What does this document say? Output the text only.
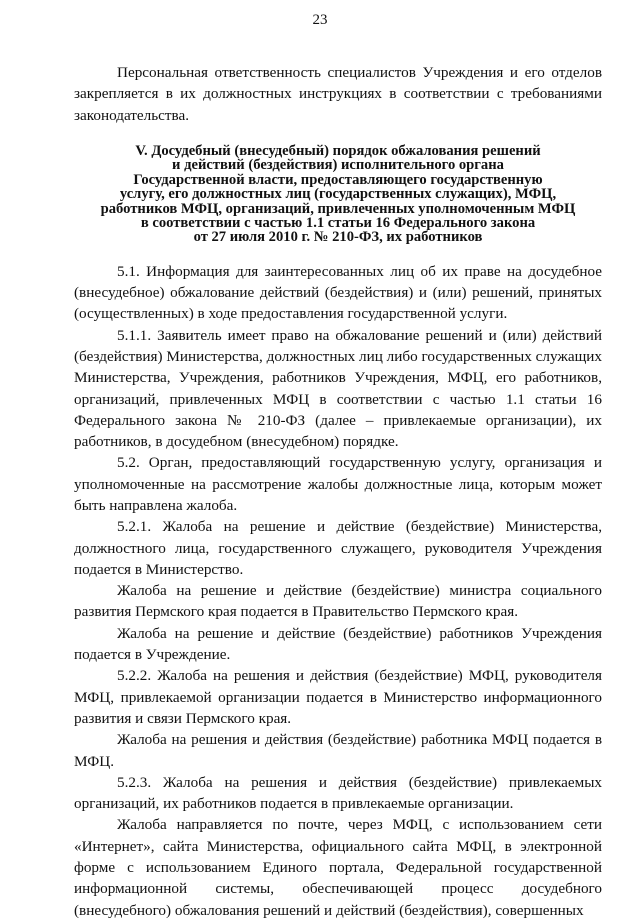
23

Персональная ответственность специалистов Учреждения и его отделов закрепляется в их должностных инструкциях в соответствии с требованиями законодательства.

V. Досудебный (внесудебный) порядок обжалования решений
и действий (бездействия) исполнительного органа
Государственной власти, предоставляющего государственную
услугу, его должностных лиц (государственных служащих), МФЦ,
работников МФЦ, организаций, привлеченных уполномоченным МФЦ
в соответствии с частью 1.1 статьи 16 Федерального закона
от 27 июля 2010 г. № 210-ФЗ, их работников

5.1. Информация для заинтересованных лиц об их праве на досудебное (внесудебное) обжалование действий (бездействия) и (или) решений, принятых (осуществленных) в ходе предоставления государственной услуги.

5.1.1. Заявитель имеет право на обжалование решений и (или) действий (бездействия) Министерства, должностных лиц либо государственных служащих Министерства, Учреждения, работников Учреждения, МФЦ, его работников, организаций, привлеченных МФЦ в соответствии с частью 1.1 статьи 16 Федерального закона № 210-ФЗ (далее – привлекаемые организации), их работников, в досудебном (внесудебном) порядке.

5.2. Орган, предоставляющий государственную услугу, организация и уполномоченные на рассмотрение жалобы должностные лица, которым может быть направлена жалоба.

5.2.1. Жалоба на решение и действие (бездействие) Министерства, должностного лица, государственного служащего, руководителя Учреждения подается в Министерство.

Жалоба на решение и действие (бездействие) министра социального развития Пермского края подается в Правительство Пермского края.

Жалоба на решение и действие (бездействие) работников Учреждения подается в Учреждение.

5.2.2. Жалоба на решения и действия (бездействие) МФЦ, руководителя МФЦ, привлекаемой организации подается в Министерство информационного развития и связи Пермского края.

Жалоба на решения и действия (бездействие) работника МФЦ подается в МФЦ.

5.2.3. Жалоба на решения и действия (бездействие) привлекаемых организаций, их работников подается в привлекаемые организации.

Жалоба направляется по почте, через МФЦ, с использованием сети «Интернет», сайта Министерства, официального сайта МФЦ, в электронной форме с использованием Единого портала, Федеральной государственной информационной системы, обеспечивающей процесс досудебного (внесудебного) обжалования решений и действий (бездействия), совершенных
